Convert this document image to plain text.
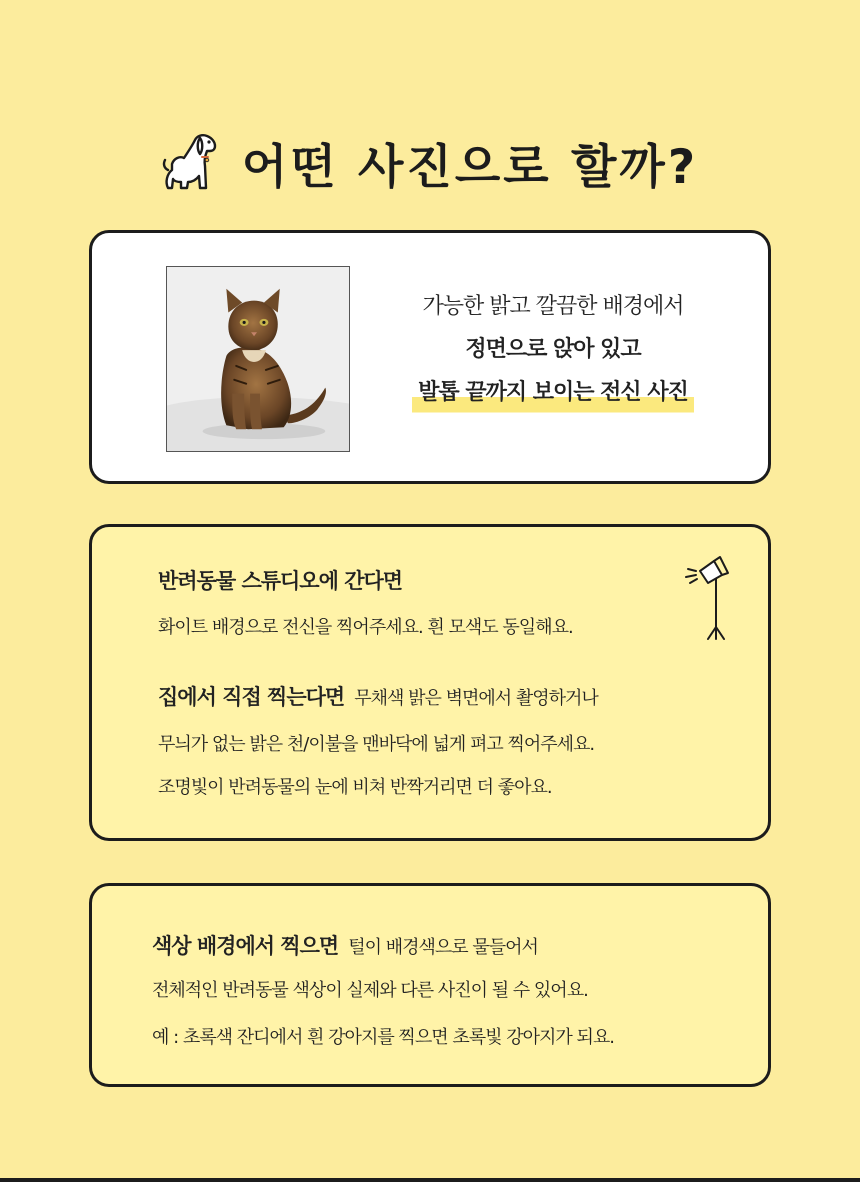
어떤 사진으로 할까?
가능한 밝고 깔끔한 배경에서
정면으로 앉아 있고
발톱 끝까지 보이는 전신 사진
반려동물 스튜디오에 간다면
화이트 배경으로 전신을 찍어주세요. 흰 모색도 동일해요.
집에서 직접 찍는다면 무채색 밝은 벽면에서 촬영하거나
무늬가 없는 밝은 천/이불을 맨바닥에 넓게 펴고 찍어주세요.
조명빛이 반려동물의 눈에 비쳐 반짝거리면 더 좋아요.
색상 배경에서 찍으면 털이 배경색으로 물들어서
전체적인 반려동물 색상이 실제와 다른 사진이 될 수 있어요.
예 : 초록색 잔디에서 흰 강아지를 찍으면 초록빛 강아지가 되요.
